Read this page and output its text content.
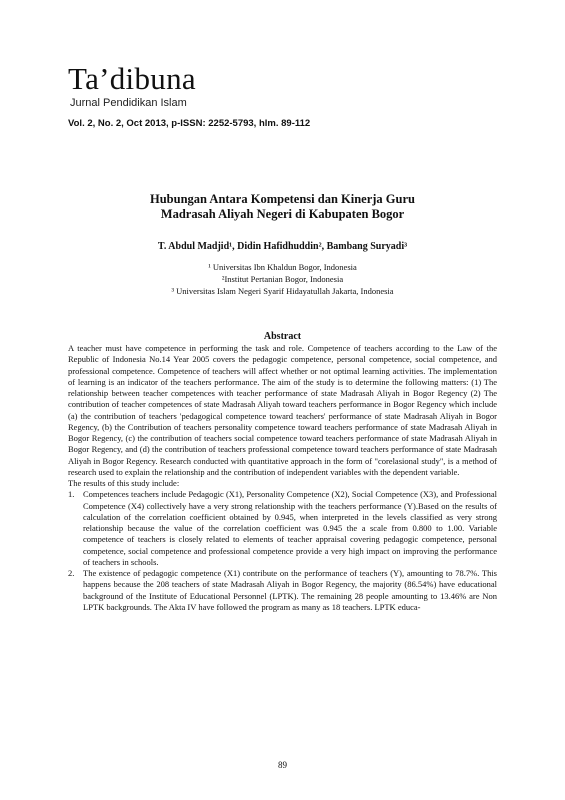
Ta’dibuna
Jurnal Pendidikan Islam
Vol. 2, No. 2, Oct 2013, p-ISSN: 2252-5793, hlm. 89-112
Hubungan Antara Kompetensi dan Kinerja Guru
Madrasah Aliyah Negeri di Kabupaten Bogor
T. Abdul Madjid¹, Didin Hafidhuddin², Bambang Suryadi³
¹ Universitas Ibn Khaldun Bogor, Indonesia
²Institut Pertanian Bogor, Indonesia
³ Universitas Islam Negeri Syarif Hidayatullah Jakarta, Indonesia
Abstract

A teacher must have competence in performing the task and role. Competence of teachers according to the Law of the Republic of Indonesia No.14 Year 2005 covers the pedagogic competence, personal competence, social competence, and professional competence. Competence of teachers will affect whether or not optimal learning activities. The implementation of learning is an indicator of the teachers performance. The aim of the study is to determine the following matters: (1) The relationship between teacher competences with teacher performance of state Madrasah Aliyah in Bogor Regency (2) The contribution of teacher competences of state Madrasah Aliyah toward teachers performance in Bogor Regency which include (a) the contribution of teachers 'pedagogical competence toward teachers' performance of state Madrasah Aliyah in Bogor Regency, (b) the Contribution of teachers personality competence toward teachers performance of state Madrasah Aliyah in Bogor Regency, (c) the contribution of teachers social competence toward teachers performance of state Madrasah Aliyah in Bogor Regency, and (d) the contribution of teachers professional competence toward teachers performance of state Madrasah Aliyah in Bogor Regency. Research conducted with quantitative approach in the form of "corelasional study", is a method of research used to explain the relationship and the contribution of independent variables with the dependent variable.

The results of this study include:

1. Competences teachers include Pedagogic (X1), Personality Competence (X2), Social Competence (X3), and Professional Competence (X4) collectively have a very strong relationship with the teachers performance (Y).Based on the results of calculation of the correlation coefficient obtained by 0.945, when interpreted in the levels classified as very strong relationship because the value of the correlation coefficient was 0.945 the a scale from 0.800 to 1.00. Variable competence of teachers is closely related to elements of teacher appraisal covering pedagogic competence, personal competence, social competence and professional competence provide a very high impact on improving the performance of teachers in schools.
2. The existence of pedagogic competence (X1) contribute on the performance of teachers (Y), amounting to 78.7%. This happens because the 208 teachers of state Madrasah Aliyah in Bogor Regency, the majority (86.54%) have educational background of the Institute of Educational Personnel (LPTK). The remaining 28 people amounting to 13.46% are Non LPTK backgrounds. The Akta IV have followed the program as many as 18 teachers. LPTK educa-
89
